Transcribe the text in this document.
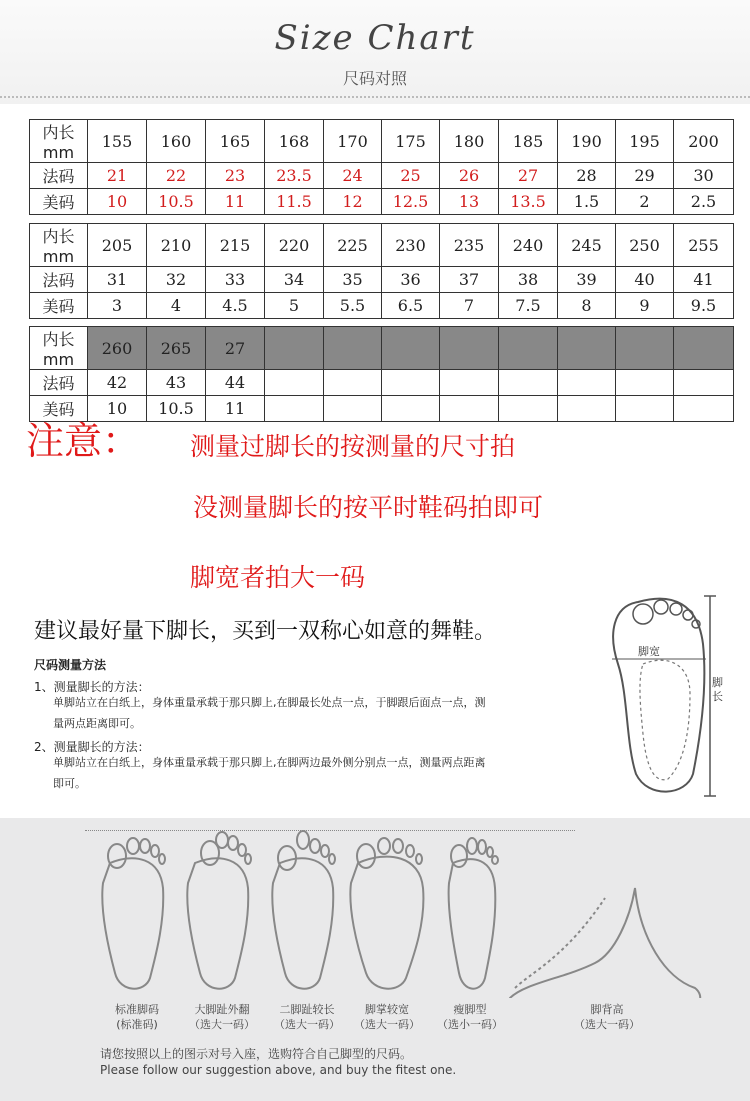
Size Chart
尺码对照
内长mm	155	160	165	168	170	175	180	185	190	195	200
法码	21	22	23	23.5	24	25	26	27	28	29	30
美码	10	10.5	11	11.5	12	12.5	13	13.5	1.5	2	2.5
内长mm	205	210	215	220	225	230	235	240	245	250	255
法码	31	32	33	34	35	36	37	38	39	40	41
美码	3	4	4.5	5	5.5	6.5	7	7.5	8	9	9.5
内长mm	260	265	27								
法码	42	43	44								
美码	10	10.5	11								
注意： 测量过脚长的按测量的尺寸拍
没测量脚长的按平时鞋码拍即可
脚宽者拍大一码
建议最好量下脚长，买到一双称心如意的舞鞋。
尺码测量方法
1、测量脚长的方法：
单脚站立在白纸上，身体重量承载于那只脚上,在脚最长处点一点，于脚跟后面点一点，测量两点距离即可。
2、测量脚长的方法：
单脚站立在白纸上，身体重量承载于那只脚上,在脚两边最外侧分别点一点，测量两点距离即可。
脚宽
脚长
标准脚码
(标准码)
大脚趾外翻
（选大一码）
二脚趾较长
（选大一码）
脚掌较宽
（选大一码）
瘦脚型
（选小一码）
脚背高
（选大一码）
请您按照以上的图示对号入座，选购符合自己脚型的尺码。
Please follow our suggestion above, and buy the fitest one.
